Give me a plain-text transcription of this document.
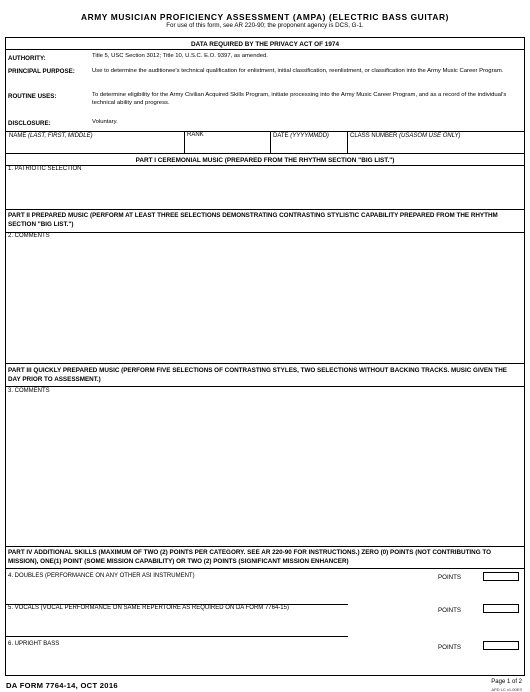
ARMY MUSICIAN PROFICIENCY ASSESSMENT (AMPA) (ELECTRIC BASS GUITAR)
For use of this form, see AR 220-90; the proponent agency is DCS, G-1.
DATA REQUIRED BY THE PRIVACY ACT OF 1974
AUTHORITY:	Title 5, USC Section 3012; Title 10, U.S.C. E.O. 9397, as amended.
PRINCIPAL PURPOSE:	Use to determine the auditionee's technical qualification for enlistment, initial classification, reenlistment, or classification into the Army Music Career Program.
ROUTINE USES:	To determine eligibility for the Army Civilian Acquired Skills Program, initiate processing into the Army Music Career Program, and as a record of the individual's technical ability and progress.
DISCLOSURE:	Voluntary.
NAME (LAST, FIRST, MIDDLE)	RANK	DATE (YYYYMMDD)	CLASS NUMBER (USASOM USE ONLY)
PART I CEREMONIAL MUSIC (PREPARED FROM THE RHYTHM SECTION "BIG LIST.")
1. PATRIOTIC SELECTION
PART II PREPARED MUSIC (PERFORM AT LEAST THREE SELECTIONS DEMONSTRATING CONTRASTING STYLISTIC CAPABILITY PREPARED FROM THE RHYTHM SECTION "BIG LIST.")
2. COMMENTS
PART III QUICKLY PREPARED MUSIC (PERFORM FIVE SELECTIONS OF CONTRASTING STYLES, TWO SELECTIONS WITHOUT BACKING TRACKS. MUSIC GIVEN THE DAY PRIOR TO ASSESSMENT.)
3. COMMENTS
PART IV ADDITIONAL SKILLS (MAXIMUM OF TWO (2) POINTS PER CATEGORY. SEE AR 220-90 FOR INSTRUCTIONS.) ZERO (0) POINTS (NOT CONTRIBUTING TO MISSION), ONE(1) POINT (SOME MISSION CAPABILITY) OR TWO (2) POINTS (SIGNIFICANT MISSION ENHANCER)
4. DOUBLES (PERFORMANCE ON ANY OTHER ASI INSTRUMENT)	POINTS
5. VOCALS (VOCAL PERFORMANCE ON SAME REPERTOIRE AS REQUIRED ON DA FORM 7764-15)	POINTS
6. UPRIGHT BASS	POINTS
DA FORM 7764-14, OCT 2016	Page 1 of 2
APD LC v1.00ES
